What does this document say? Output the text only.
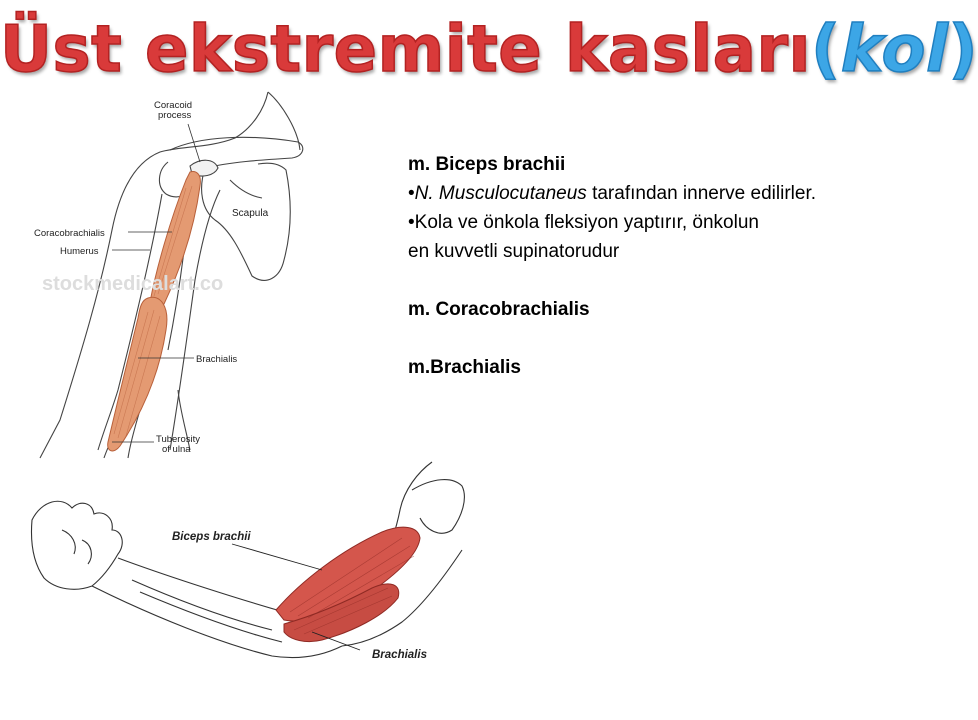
Üst ekstremite kasları(kol)
stockmedicalart.co
Coracoid
process
Scapula
Coracobrachialis
Humerus
Brachialis
Tuberosity
of ulna
Biceps brachii
Brachialis
m. Biceps brachii
•N. Musculocutaneus tarafından innerve edilirler.
•Kola ve önkola fleksiyon yaptırır, önkolun
en kuvvetli supinatorudur
m. Coracobrachialis
m.Brachialis
